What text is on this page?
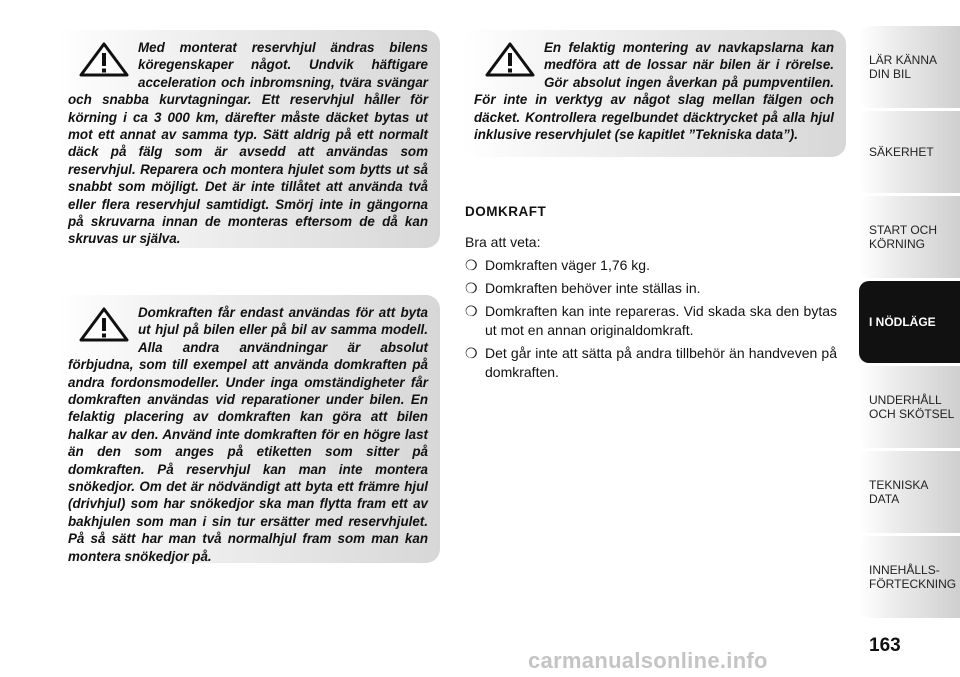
Med monterat reservhjul ändras bilens köregenskaper något. Undvik häftigare acceleration och inbromsning, tvära svängar och snabba kurvtagningar. Ett reservhjul håller för körning i ca 3 000 km, därefter måste däcket bytas ut mot ett annat av samma typ. Sätt aldrig på ett normalt däck på fälg som är avsedd att användas som reservhjul. Reparera och montera hjulet som bytts ut så snabbt som möjligt. Det är inte tillåtet att använda två eller flera reservhjul samtidigt. Smörj inte in gängorna på skruvarna innan de monteras eftersom de då kan skruvas ur själva.

Domkraften får endast användas för att byta ut hjul på bilen eller på bil av samma modell. Alla andra användningar är absolut förbjudna, som till exempel att använda domkraften på andra fordonsmodeller. Under inga omständigheter får domkraften användas vid reparationer under bilen. En felaktig placering av domkraften kan göra att bilen halkar av den. Använd inte domkraften för en högre last än den som anges på etiketten som sitter på domkraften. På reservhjul kan man inte montera snökedjor. Om det är nödvändigt att byta ett främre hjul (drivhjul) som har snökedjor ska man flytta fram ett av bakhjulen som man i sin tur ersätter med reservhjulet. På så sätt har man två normalhjul fram som man kan montera snökedjor på.

En felaktig montering av navkapslarna kan medföra att de lossar när bilen är i rörelse. Gör absolut ingen åverkan på pumpventilen. För inte in verktyg av något slag mellan fälgen och däcket. Kontrollera regelbundet däcktrycket på alla hjul inklusive reservhjulet (se kapitlet ”Tekniska data”).

DOMKRAFT

Bra att veta:

❍ Domkraften väger 1,76 kg.
❍ Domkraften behöver inte ställas in.
❍ Domkraften kan inte repareras. Vid skada ska den bytas ut mot en annan originaldomkraft.
❍ Det går inte att sätta på andra tillbehör än handveven på domkraften.
LÄR KÄNNA
DIN BIL
SÄKERHET
START OCH
KÖRNING
I NÖDLÄGE
UNDERHÅLL
OCH SKÖTSEL
TEKNISKA DATA
INNEHÅLLS-
FÖRTECKNING
163
carmanualsonline.info
